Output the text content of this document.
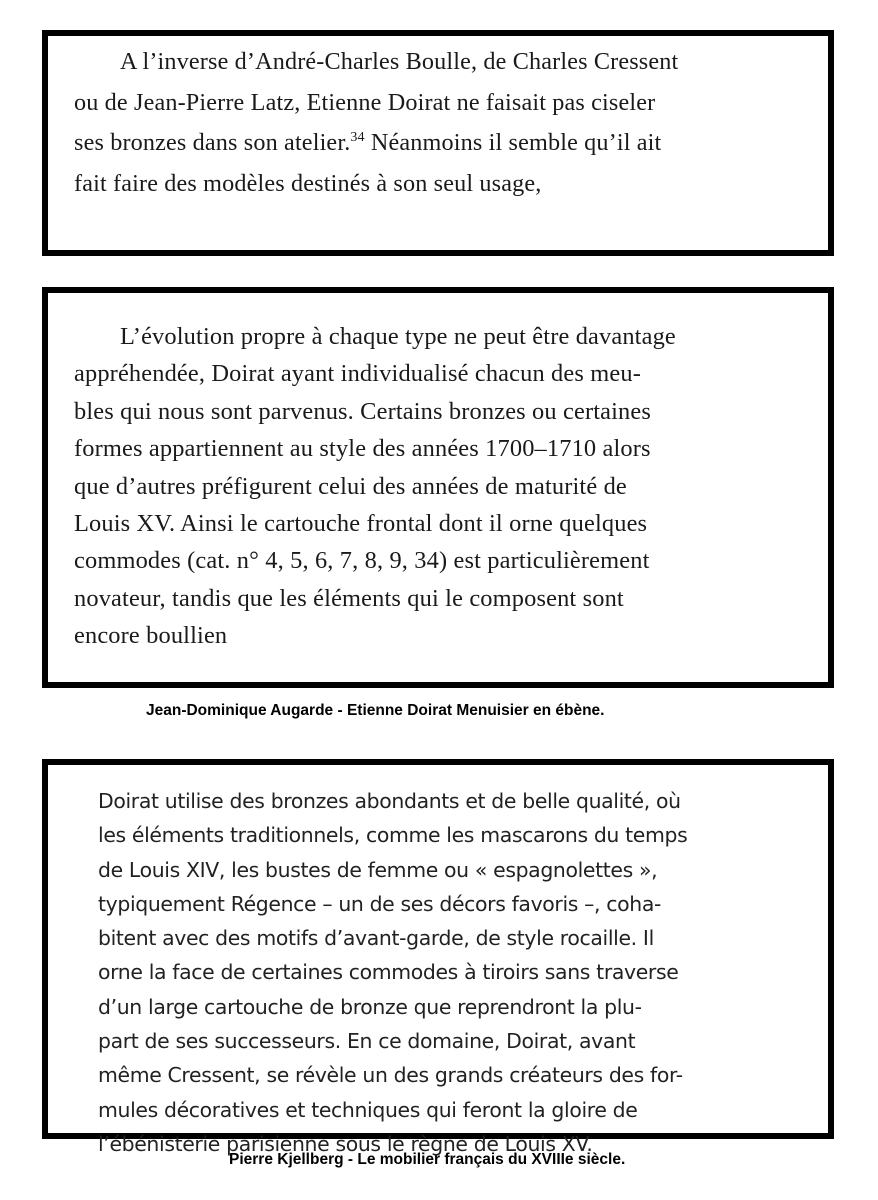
A l’inverse d’André-Charles Boulle, de Charles Cressent
ou de Jean-Pierre Latz, Etienne Doirat ne faisait pas ciseler
ses bronzes dans son atelier.$^{34}$ Néanmoins il semble qu’il ait
fait faire des modèles destinés à son seul usage,
L’évolution propre à chaque type ne peut être davantage
appréhendée, Doirat ayant individualisé chacun des meu-
bles qui nous sont parvenus. Certains bronzes ou certaines
formes appartiennent au style des années 1700–1710 alors
que d’autres préfigurent celui des années de maturité de
Louis XV. Ainsi le cartouche frontal dont il orne quelques
commodes (cat. n° 4, 5, 6, 7, 8, 9, 34) est particulièrement
novateur, tandis que les éléments qui le composent sont
encore boullien
Jean-Dominique Augarde - Etienne Doirat Menuisier en ébène.
Doirat utilise des bronzes abondants et de belle qualité, où
les éléments traditionnels, comme les mascarons du temps
de Louis XIV, les bustes de femme ou « espagnolettes »,
typiquement Régence – un de ses décors favoris –, coha-
bitent avec des motifs d’avant-garde, de style rocaille. Il
orne la face de certaines commodes à tiroirs sans traverse
d’un large cartouche de bronze que reprendront la plu-
part de ses successeurs. En ce domaine, Doirat, avant
même Cressent, se révèle un des grands créateurs des for-
mules décoratives et techniques qui feront la gloire de
l’ébénisterie parisienne sous le règne de Louis XV.
Pierre Kjellberg - Le mobilier français du XVIIIe siècle.
